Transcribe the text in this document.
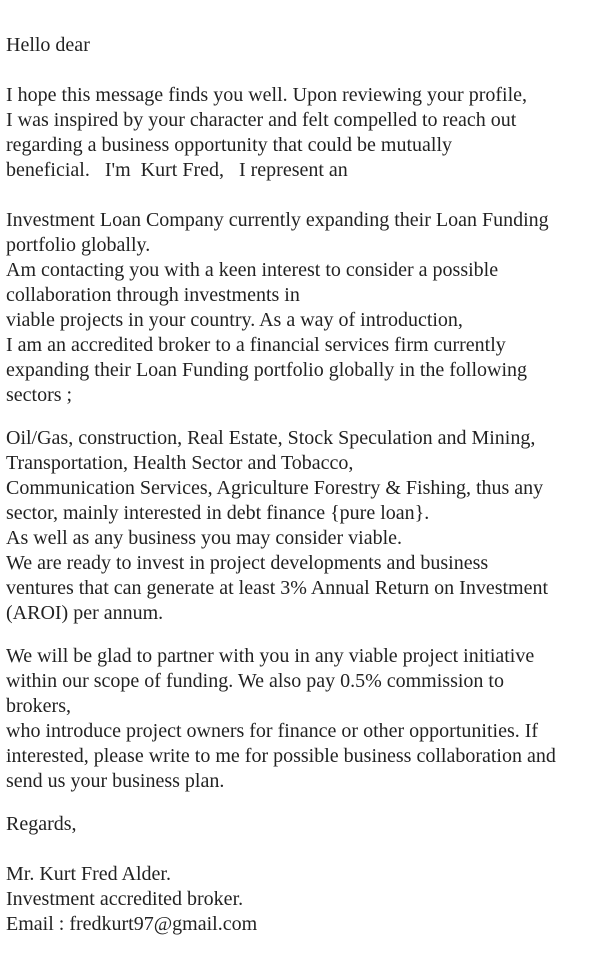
Hello dear
I hope this message finds you well. Upon reviewing your profile,
I was inspired by your character and felt compelled to reach out
regarding a business opportunity that could be mutually
beneficial.   I'm  Kurt Fred,   I represent an
Investment Loan Company currently expanding their Loan Funding
portfolio globally.
Am contacting you with a keen interest to consider a possible
collaboration through investments in
viable projects in your country. As a way of introduction,
I am an accredited broker to a financial services firm currently
expanding their Loan Funding portfolio globally in the following
sectors ;
Oil/Gas, construction, Real Estate, Stock Speculation and Mining,
Transportation, Health Sector and Tobacco,
Communication Services, Agriculture Forestry & Fishing, thus any
sector, mainly interested in debt finance {pure loan}.
As well as any business you may consider viable.
We are ready to invest in project developments and business
ventures that can generate at least 3% Annual Return on Investment
(AROI) per annum.
We will be glad to partner with you in any viable project initiative
within our scope of funding. We also pay 0.5% commission to
brokers,
who introduce project owners for finance or other opportunities. If
interested, please write to me for possible business collaboration and
send us your business plan.
Regards,
Mr. Kurt Fred Alder.
Investment accredited broker.
Email : fredkurt97@gmail.com
